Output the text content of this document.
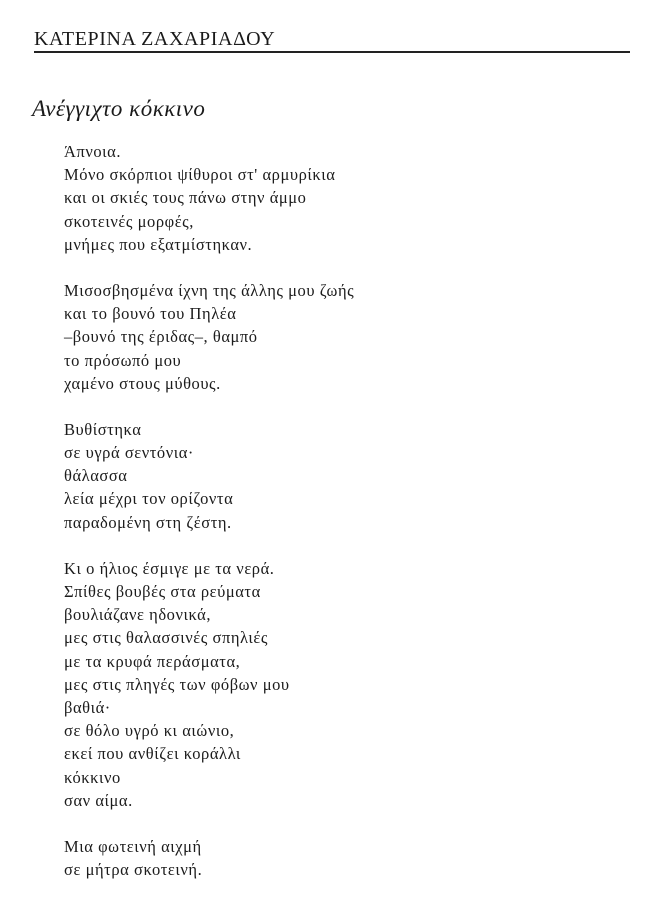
ΚΑΤΕΡΙΝΑ ΖΑΧΑΡΙΑΔΟΥ
Ανέγγιχτο κόκκινο
Άπνοια.
Μόνο σκόρπιοι ψίθυροι στ' αρμυρίκια
και οι σκιές τους πάνω στην άμμο
σκοτεινές μορφές,
μνήμες που εξατμίστηκαν.
Μισοσβησμένα ίχνη της άλλης μου ζωής
και το βουνό του Πηλέα
–βουνό της έριδας–, θαμπό
το πρόσωπό μου
χαμένο στους μύθους.
Βυθίστηκα
σε υγρά σεντόνια·
θάλασσα
λεία μέχρι τον ορίζοντα
παραδομένη στη ζέστη.
Κι ο ήλιος έσμιγε με τα νερά.
Σπίθες βουβές στα ρεύματα
βουλιάζανε ηδονικά,
μες στις θαλασσινές σπηλιές
με τα κρυφά περάσματα,
μες στις πληγές των φόβων μου
βαθιά·
σε θόλο υγρό κι αιώνιο,
εκεί που ανθίζει κοράλλι
κόκκινο
σαν αίμα.
Μια φωτεινή αιχμή
σε μήτρα σκοτεινή.
